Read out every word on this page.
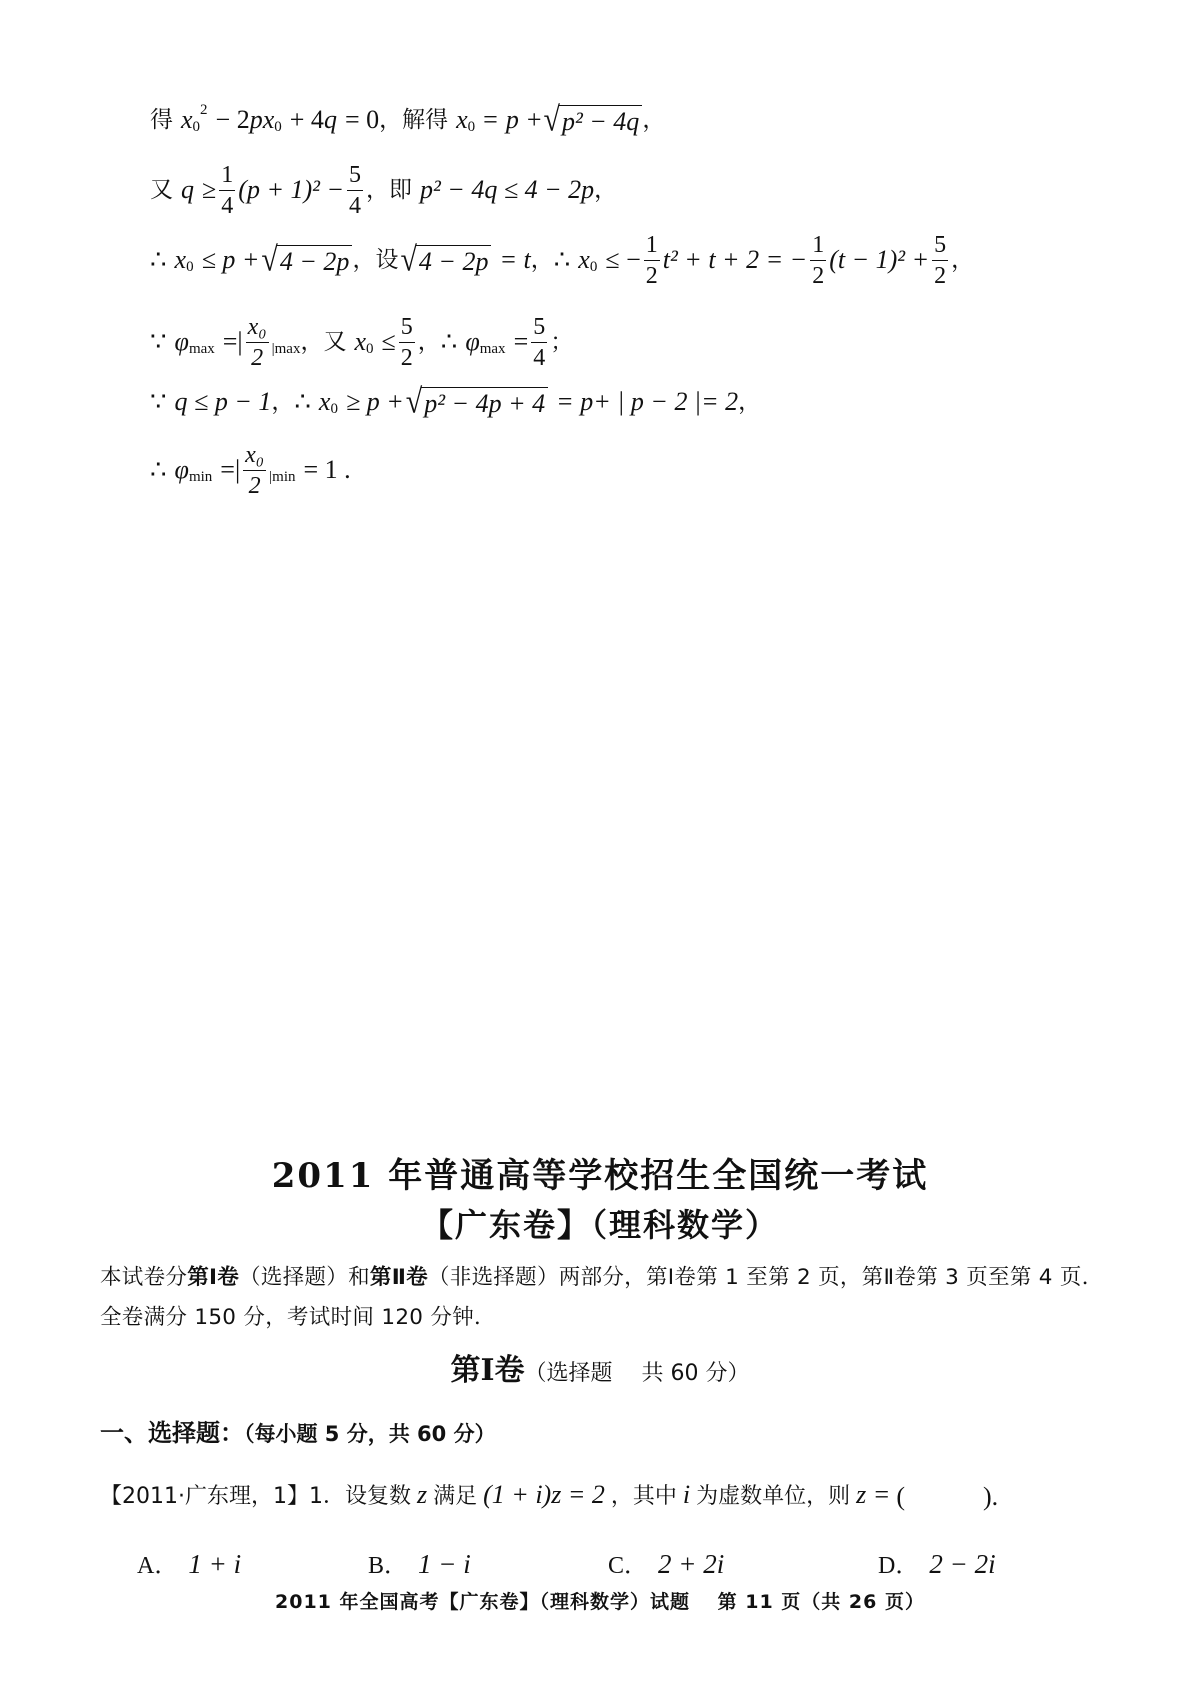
得 x 0
2 − 2 px 0 + 4 q = 0 ，解得 x 0 = p + √ p² − 4q ，
又 $q \ge \frac{1}{4} (p + 1)^2 - \frac{5}{4}$ ，即 p² − 4q ≤ 4 − 2p ，
∴ x 0 ≤ p + √ 4 − 2p ，设 √ 4 − 2p = t ， ∴ x 0 ≤ − $\frac{1}{2} t^2 + t + 2$ = − $\frac{1}{2} (t - 1)^2 + \frac{5}{2}$ ，
∵ φ max =| $\frac{\text{x₀}}{2} |\max$ ，又 x $0 \le \frac{5}{2}$ ， ∴ φ $\max = \frac{5}{4}$ ；
∵ q ≤ p − 1 ， ∴ x 0 ≥ p + √ p² − 4p + 4 = p+ | p − 2 |= 2 ，
∴ φ min =| $\frac{\text{x₀}}{2} |\min = 1$ .
2011 年普通高等学校招生全国统一考试
【广东卷】（理科数学）
本试卷分第Ⅰ卷（选择题）和第Ⅱ卷（非选择题）两部分，第Ⅰ卷第 1 至第 2 页，第Ⅱ卷第 3 页至第 4 页．全卷满分 150 分，考试时间 120 分钟．
第Ⅰ卷（选择题　 共 60 分）
一、选择题：（每小题 5 分，共 60 分）
【2011·广东理，1】 1．设复数 z 满足 (1 + i)z = 2 ，其中 i 为虚数单位，则 z = (　　　).
A． 1 + i	B． 1 − i	C． 2 + 2i	D． 2 − 2i
2011 年全国高考【广东卷】（理科数学）试题　 第 11 页（共 26 页）
